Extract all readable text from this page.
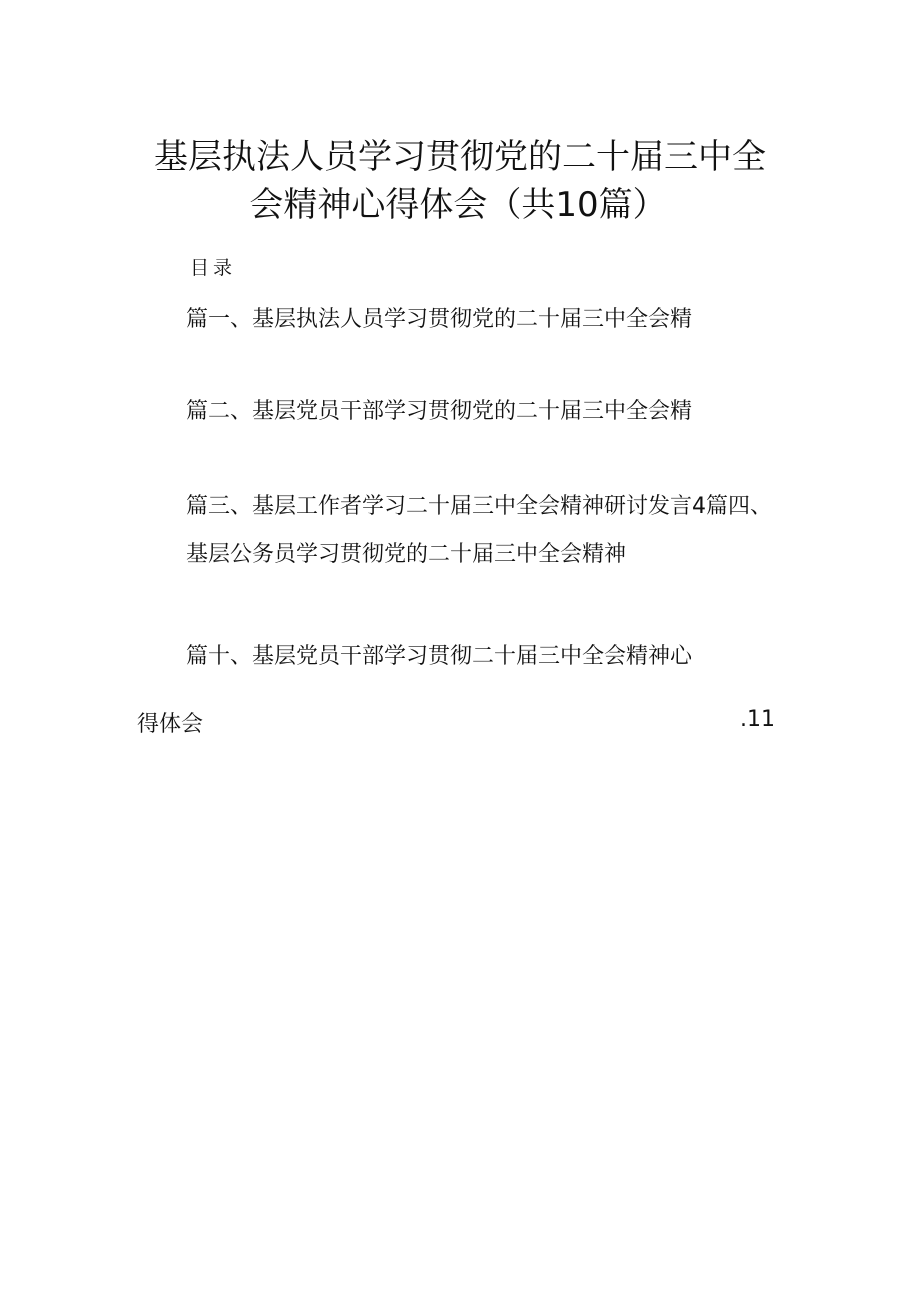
基层执法人员学习贯彻党的二十届三中全
会精神心得体会（共10篇）
目录
篇一、基层执法人员学习贯彻党的二十届三中全会精
篇二、基层党员干部学习贯彻党的二十届三中全会精
篇三、基层工作者学习二十届三中全会精神研讨发言4篇四、
基层公务员学习贯彻党的二十届三中全会精神
篇十、基层党员干部学习贯彻二十届三中全会精神心
得体会	.11
